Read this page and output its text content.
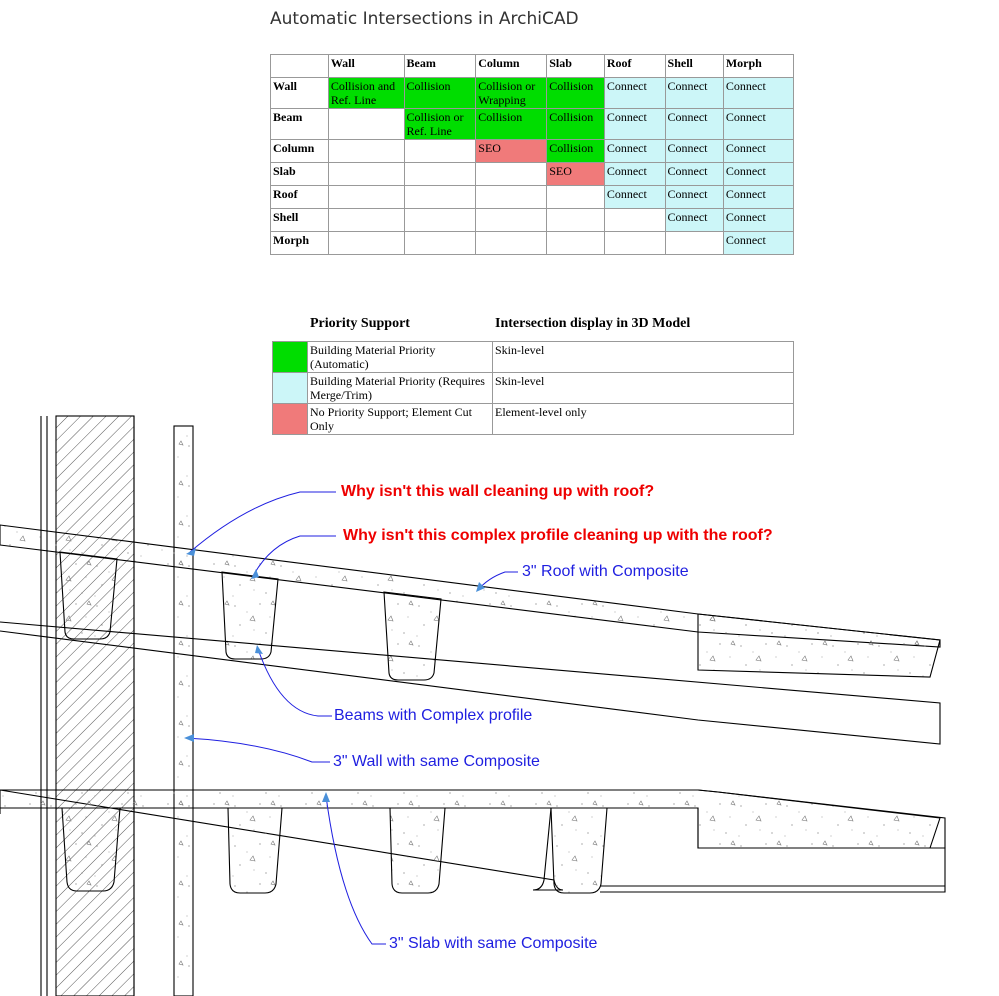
Automatic Intersections in ArchiCAD
	Wall	Beam	Column	Slab	Roof	Shell	Morph
Wall	Collision and Ref. Line	Collision	Collision or Wrapping	Collision	Connect	Connect	Connect
Beam		Collision or Ref. Line	Collision	Collision	Connect	Connect	Connect
Column			SEO	Collision	Connect	Connect	Connect
Slab				SEO	Connect	Connect	Connect
Roof					Connect	Connect	Connect
Shell						Connect	Connect
Morph							Connect
Priority Support	Intersection display in 3D Model
	Building Material Priority (Automatic)	Skin-level
	Building Material Priority (Requires Merge/Trim)	Skin-level
	No Priority Support; Element Cut Only	Element-level only
Why isn't this wall cleaning up with roof?
Why isn't this complex profile cleaning up with the roof?
3" Roof with Composite
Beams with Complex profile
3" Wall with same Composite
3" Slab with same Composite
